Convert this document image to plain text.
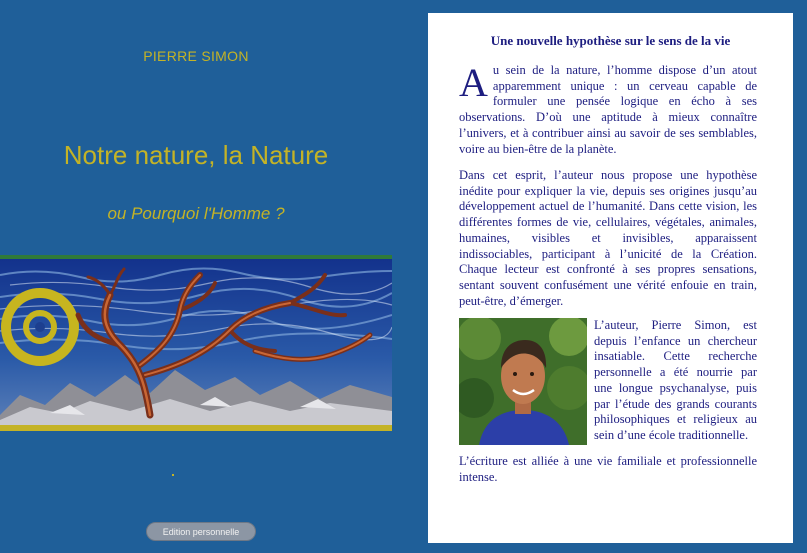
PIERRE SIMON
Notre nature, la Nature
ou Pourquoi l'Homme ?
Edition personnelle
Une nouvelle hypothèse sur le sens de la vie

Au sein de la nature, l’homme dispose d’un atout apparemment unique : un cerveau capable de formuler une pensée logique en écho à ses observations. D’où une aptitude à mieux connaître l’univers, et à contribuer ainsi au savoir de ses semblables, voire au bien-être de la planète.

Dans cet esprit, l’auteur nous propose une hypothèse inédite pour expliquer la vie, depuis ses origines jusqu’au développement actuel de l’humanité. Dans cette vision, les différentes formes de vie, cellulaires, végétales, animales, humaines, visibles et invisibles, apparaissent indissociables, participant à l’unicité de la Création. Chaque lecteur est confronté à ses propres sensations, sentant souvent confusément une vérité enfouie en train, peut-être, d’émerger.

L’auteur, Pierre Simon, est depuis l’enfance un chercheur insatiable. Cette recherche personnelle a été nourrie par une longue psychanalyse, puis par l’étude des grands courants philosophiques et religieux au sein d’une école traditionnelle.

L’écriture est alliée à une vie familiale et professionnelle intense.
